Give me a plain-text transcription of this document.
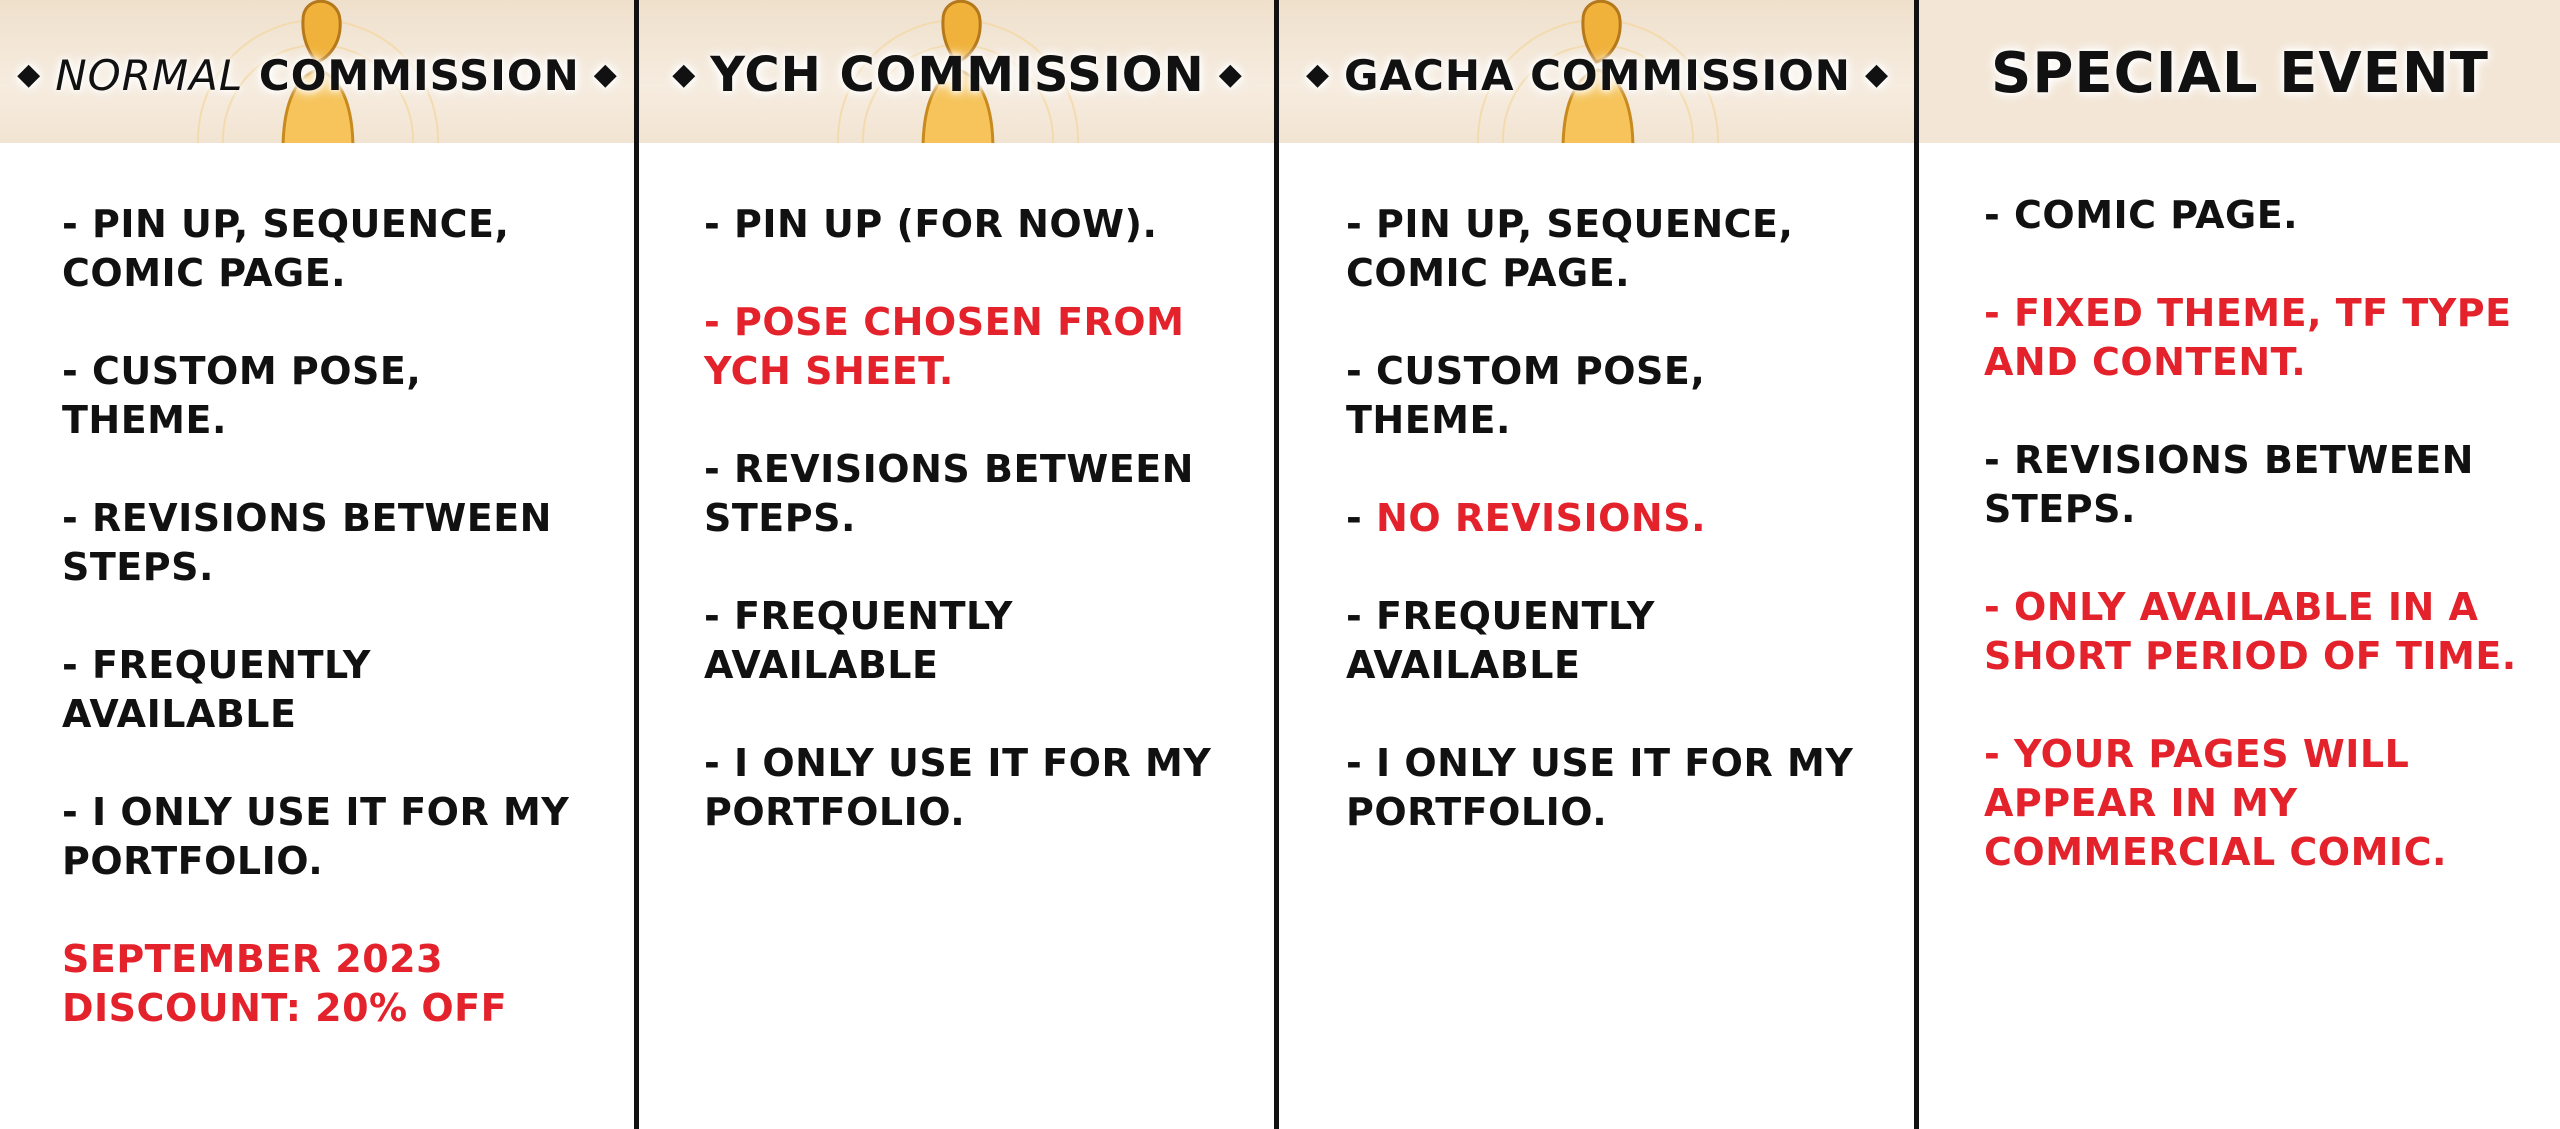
◆ NORMAL COMMISSION ◆ ◆ YCH COMMISSION ◆ ◆ GACHA COMMISSION ◆ SPECIAL EVENT
- PIN UP, SEQUENCE, COMIC PAGE.
- CUSTOM POSE, THEME.
- REVISIONS BETWEEN STEPS.
- FREQUENTLY AVAILABLE
- I ONLY USE IT FOR MY PORTFOLIO.
SEPTEMBER 2023 DISCOUNT: 20% OFF
- PIN UP (FOR NOW).
- POSE CHOSEN FROM YCH SHEET.
- REVISIONS BETWEEN STEPS.
- FREQUENTLY AVAILABLE
- I ONLY USE IT FOR MY PORTFOLIO.
- PIN UP, SEQUENCE, COMIC PAGE.
- CUSTOM POSE, THEME.
- NO REVISIONS.
- FREQUENTLY AVAILABLE
- I ONLY USE IT FOR MY PORTFOLIO.
- COMIC PAGE.
- FIXED THEME, TF TYPE AND CONTENT.
- REVISIONS BETWEEN STEPS.
- ONLY AVAILABLE IN A SHORT PERIOD OF TIME.
- YOUR PAGES WILL APPEAR IN MY COMMERCIAL COMIC.
